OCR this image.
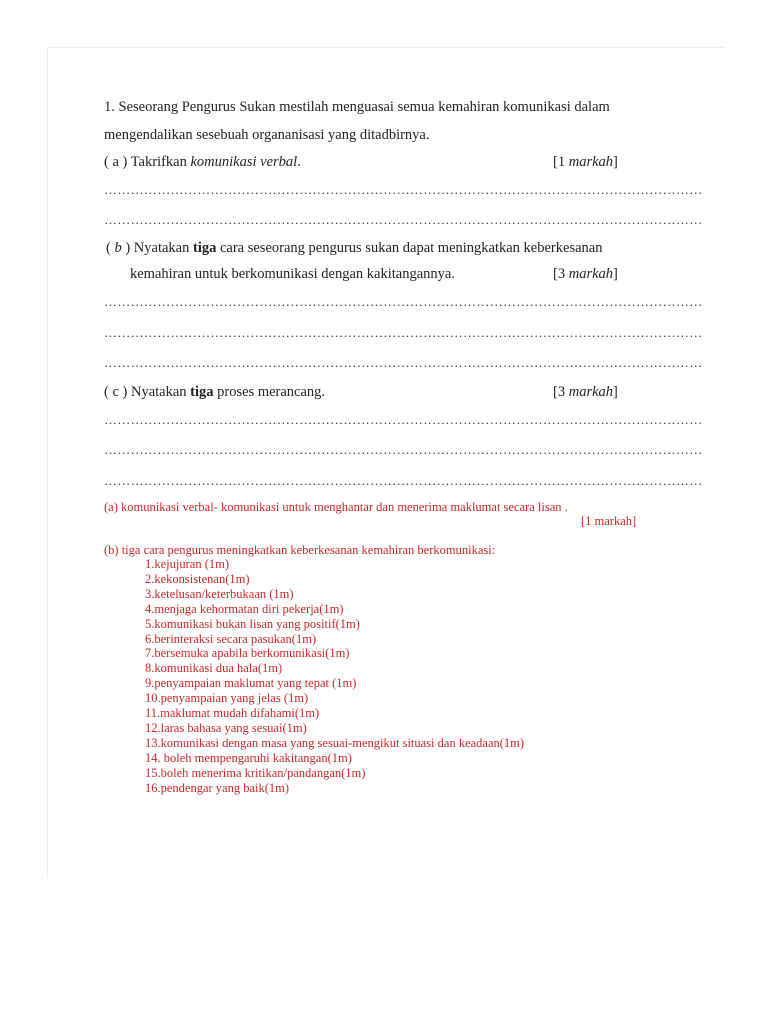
1. Seseorang Pengurus Sukan mestilah menguasai semua kemahiran komunikasi dalam
mengendalikan sesebuah organanisasi yang ditadbirnya.
( a ) Takrifkan komunikasi verbal.	[1 markah]
………………………………………………………………………………………………………………………
………………………………………………………………………………………………………………………
( b ) Nyatakan tiga cara seseorang pengurus sukan dapat meningkatkan keberkesanan
kemahiran untuk berkomunikasi dengan kakitangannya.	[3 markah]
………………………………………………………………………………………………………………………
………………………………………………………………………………………………………………………
………………………………………………………………………………………………………………………
( c ) Nyatakan tiga proses merancang.	[3 markah]
………………………………………………………………………………………………………………………
………………………………………………………………………………………………………………………
………………………………………………………………………………………………………………………
(a) komunikasi verbal- komunikasi untuk menghantar dan menerima maklumat secara lisan .
[1 markah]
(b) tiga cara pengurus meningkatkan keberkesanan kemahiran berkomunikasi:
1.kejujuran (1m)
2.kekonsistenan(1m)
3.ketelusan/keterbukaan (1m)
4.menjaga kehormatan diri pekerja(1m)
5.komunikasi bukan lisan yang positif(1m)
6.berinteraksi secara pasukan(1m)
7.bersemuka apabila berkomunikasi(1m)
8.komunikasi dua hala(1m)
9.penyampaian maklumat yang tepat (1m)
10.penyampaian yang jelas (1m)
11.maklumat mudah difahami(1m)
12.laras bahasa yang sesuai(1m)
13.komunikasi dengan masa yang sesuai-mengikut situasi dan keadaan(1m)
14. boleh mempengaruhi kakitangan(1m)
15.boleh menerima kritikan/pandangan(1m)
16.pendengar yang baik(1m)
